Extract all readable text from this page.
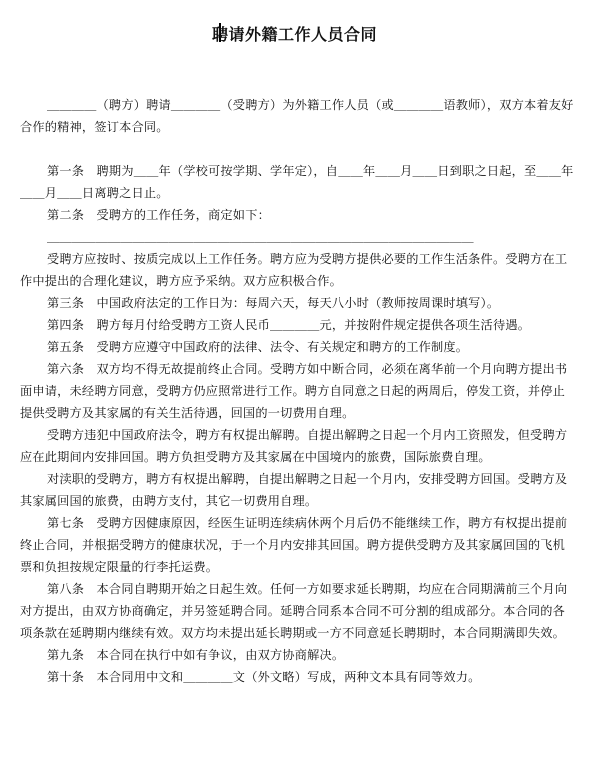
聘请外籍工作人员合同

＿＿＿＿（聘方）聘请＿＿＿＿（受聘方）为外籍工作人员（或＿＿＿＿语教师），双方本着友好合作的精神，签订本合同。

第一条　聘期为＿＿年（学校可按学期、学年定），自＿＿年＿＿月＿＿日到职之日起，至＿＿年＿＿月＿＿日离聘之日止。

第二条　受聘方的工作任务，商定如下：

＿＿＿＿＿＿＿＿＿＿＿＿＿＿＿＿＿＿＿＿＿＿＿＿＿＿＿＿＿＿＿＿＿＿＿

受聘方应按时、按质完成以上工作任务。聘方应为受聘方提供必要的工作生活条件。受聘方在工作中提出的合理化建议，聘方应予采纳。双方应积极合作。

第三条　中国政府法定的工作日为：每周六天，每天八小时（教师按周课时填写）。

第四条　聘方每月付给受聘方工资人民币＿＿＿＿元，并按附件规定提供各项生活待遇。

第五条　受聘方应遵守中国政府的法律、法令、有关规定和聘方的工作制度。

第六条　双方均不得无故提前终止合同。受聘方如中断合同，必须在离华前一个月向聘方提出书面申请，未经聘方同意，受聘方仍应照常进行工作。聘方自同意之日起的两周后，停发工资，并停止提供受聘方及其家属的有关生活待遇，回国的一切费用自理。

受聘方违犯中国政府法令，聘方有权提出解聘。自提出解聘之日起一个月内工资照发，但受聘方应在此期间内安排回国。聘方负担受聘方及其家属在中国境内的旅费，国际旅费自理。

对渎职的受聘方，聘方有权提出解聘，自提出解聘之日起一个月内，安排受聘方回国。受聘方及其家属回国的旅费，由聘方支付，其它一切费用自理。

第七条　受聘方因健康原因，经医生证明连续病休两个月后仍不能继续工作，聘方有权提出提前终止合同，并根据受聘方的健康状况，于一个月内安排其回国。聘方提供受聘方及其家属回国的飞机票和负担按规定限量的行李托运费。

第八条　本合同自聘期开始之日起生效。任何一方如要求延长聘期，均应在合同期满前三个月向对方提出，由双方协商确定，并另签延聘合同。延聘合同系本合同不可分割的组成部分。本合同的各项条款在延聘期内继续有效。双方均未提出延长聘期或一方不同意延长聘期时，本合同期满即失效。

第九条　本合同在执行中如有争议，由双方协商解决。

第十条　本合同用中文和＿＿＿＿文（外文略）写成，两种文本具有同等效力。
